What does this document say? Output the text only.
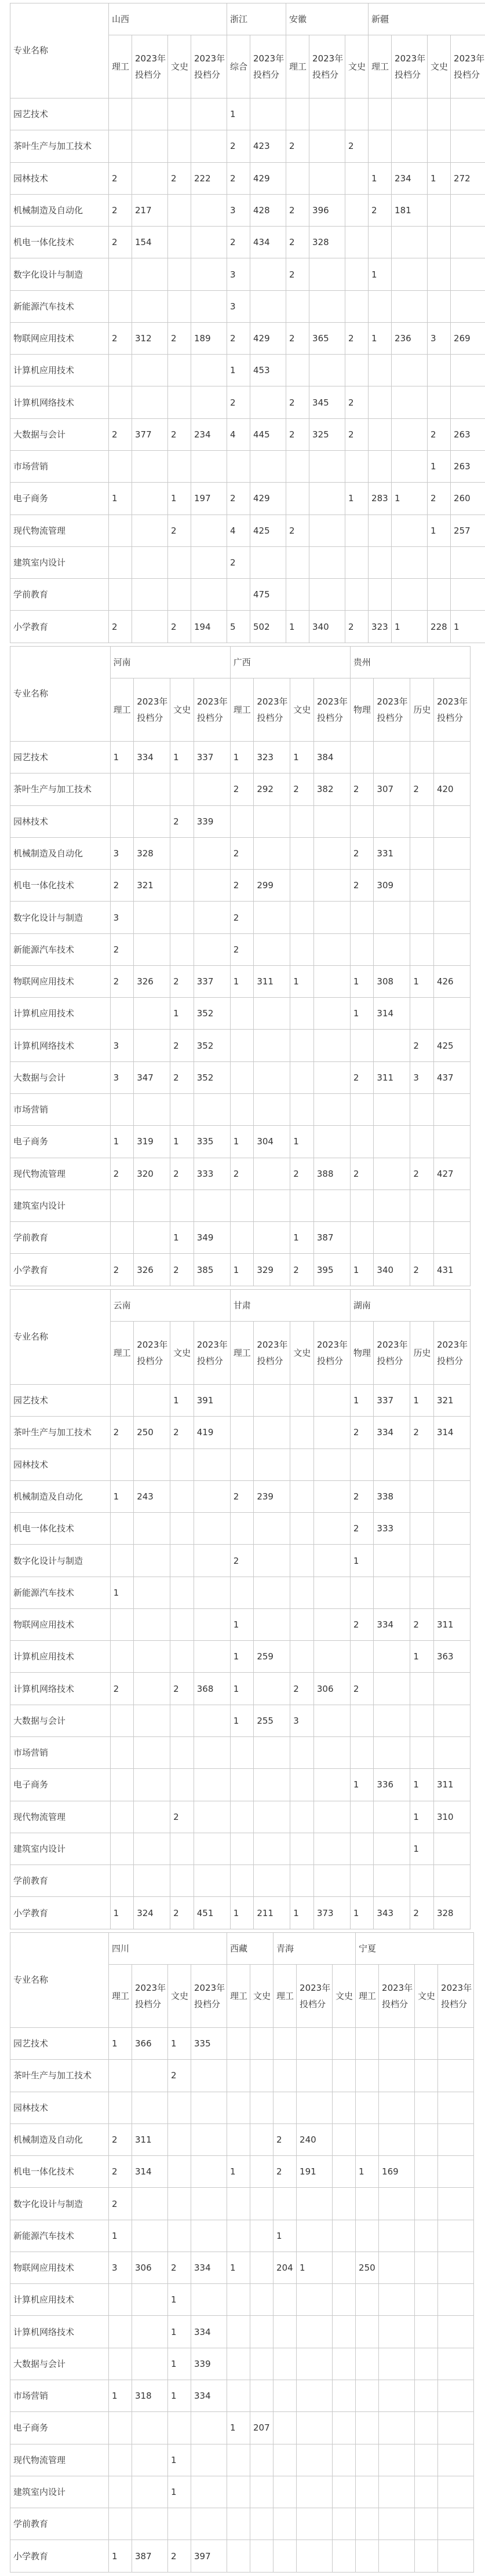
专业名称	山西				浙江		安徽			新疆			
	理工	2023年投档分	文史	2023年投档分	综合	2023年投档分	理工	2023年投档分	文史	理工	2023年投档分	文史	2023年投档分
园艺技术					1								
茶叶生产与加工技术					2	423	2		2				
园林技术	2		2	222	2	429				1	234	1	272
机械制造及自动化	2	217			3	428	2	396		2	181		
机电一体化技术	2	154			2	434	2	328					
数字化设计与制造					3		2			1			
新能源汽车技术					3								
物联网应用技术	2	312	2	189	2	429	2	365	2	1	236	3	269
计算机应用技术					1	453							
计算机网络技术					2		2	345	2				
大数据与会计	2	377	2	234	4	445	2	325	2			2	263
市场营销												1	263
电子商务	1		1	197	2	429			1	283	1	2	260
现代物流管理			2		4	425	2					1	257
建筑室内设计					2								
学前教育						475							
小学教育	2		2	194	5	502	1	340	2	323	1	228	1
专业名称	河南				广西				贵州			
	理工	2023年投档分	文史	2023年投档分	理工	2023年投档分	文史	2023年投档分	物理	2023年投档分	历史	2023年投档分
园艺技术	1	334	1	337	1	323	1	384				
茶叶生产与加工技术					2	292	2	382	2	307	2	420
园林技术			2	339								
机械制造及自动化	3	328			2				2	331		
机电一体化技术	2	321			2	299			2	309		
数字化设计与制造	3				2							
新能源汽车技术	2				2							
物联网应用技术	2	326	2	337	1	311	1		1	308	1	426
计算机应用技术			1	352					1	314		
计算机网络技术	3		2	352							2	425
大数据与会计	3	347	2	352					2	311	3	437
市场营销												
电子商务	1	319	1	335	1	304	1					
现代物流管理	2	320	2	333	2		2	388	2		2	427
建筑室内设计												
学前教育			1	349			1	387				
小学教育	2	326	2	385	1	329	2	395	1	340	2	431
专业名称	云南				甘肃				湖南			
	理工	2023年投档分	文史	2023年投档分	理工	2023年投档分	文史	2023年投档分	物理	2023年投档分	历史	2023年投档分
园艺技术			1	391					1	337	1	321
茶叶生产与加工技术	2	250	2	419					2	334	2	314
园林技术												
机械制造及自动化	1	243			2	239			2	338		
机电一体化技术									2	333		
数字化设计与制造					2				1			
新能源汽车技术	1											
物联网应用技术					1				2	334	2	311
计算机应用技术					1	259					1	363
计算机网络技术	2		2	368	1		2	306	2			
大数据与会计					1	255	3					
市场营销												
电子商务									1	336	1	311
现代物流管理			2								1	310
建筑室内设计											1	
学前教育												
小学教育	1	324	2	451	1	211	1	373	1	343	2	328
专业名称	四川				西藏		青海			宁夏			
	理工	2023年投档分	文史	2023年投档分	理工	文史	理工	2023年投档分	文史	理工	2023年投档分	文史	2023年投档分
园艺技术	1	366	1	335									
茶叶生产与加工技术			2										
园林技术													
机械制造及自动化	2	311					2	240					
机电一体化技术	2	314			1		2	191		1	169		
数字化设计与制造	2												
新能源汽车技术	1						1						
物联网应用技术	3	306	2	334	1		204	1		250			
计算机应用技术			1										
计算机网络技术			1	334									
大数据与会计			1	339									
市场营销	1	318	1	334									
电子商务					1	207							
现代物流管理			1										
建筑室内设计			1										
学前教育													
小学教育	1	387	2	397									
